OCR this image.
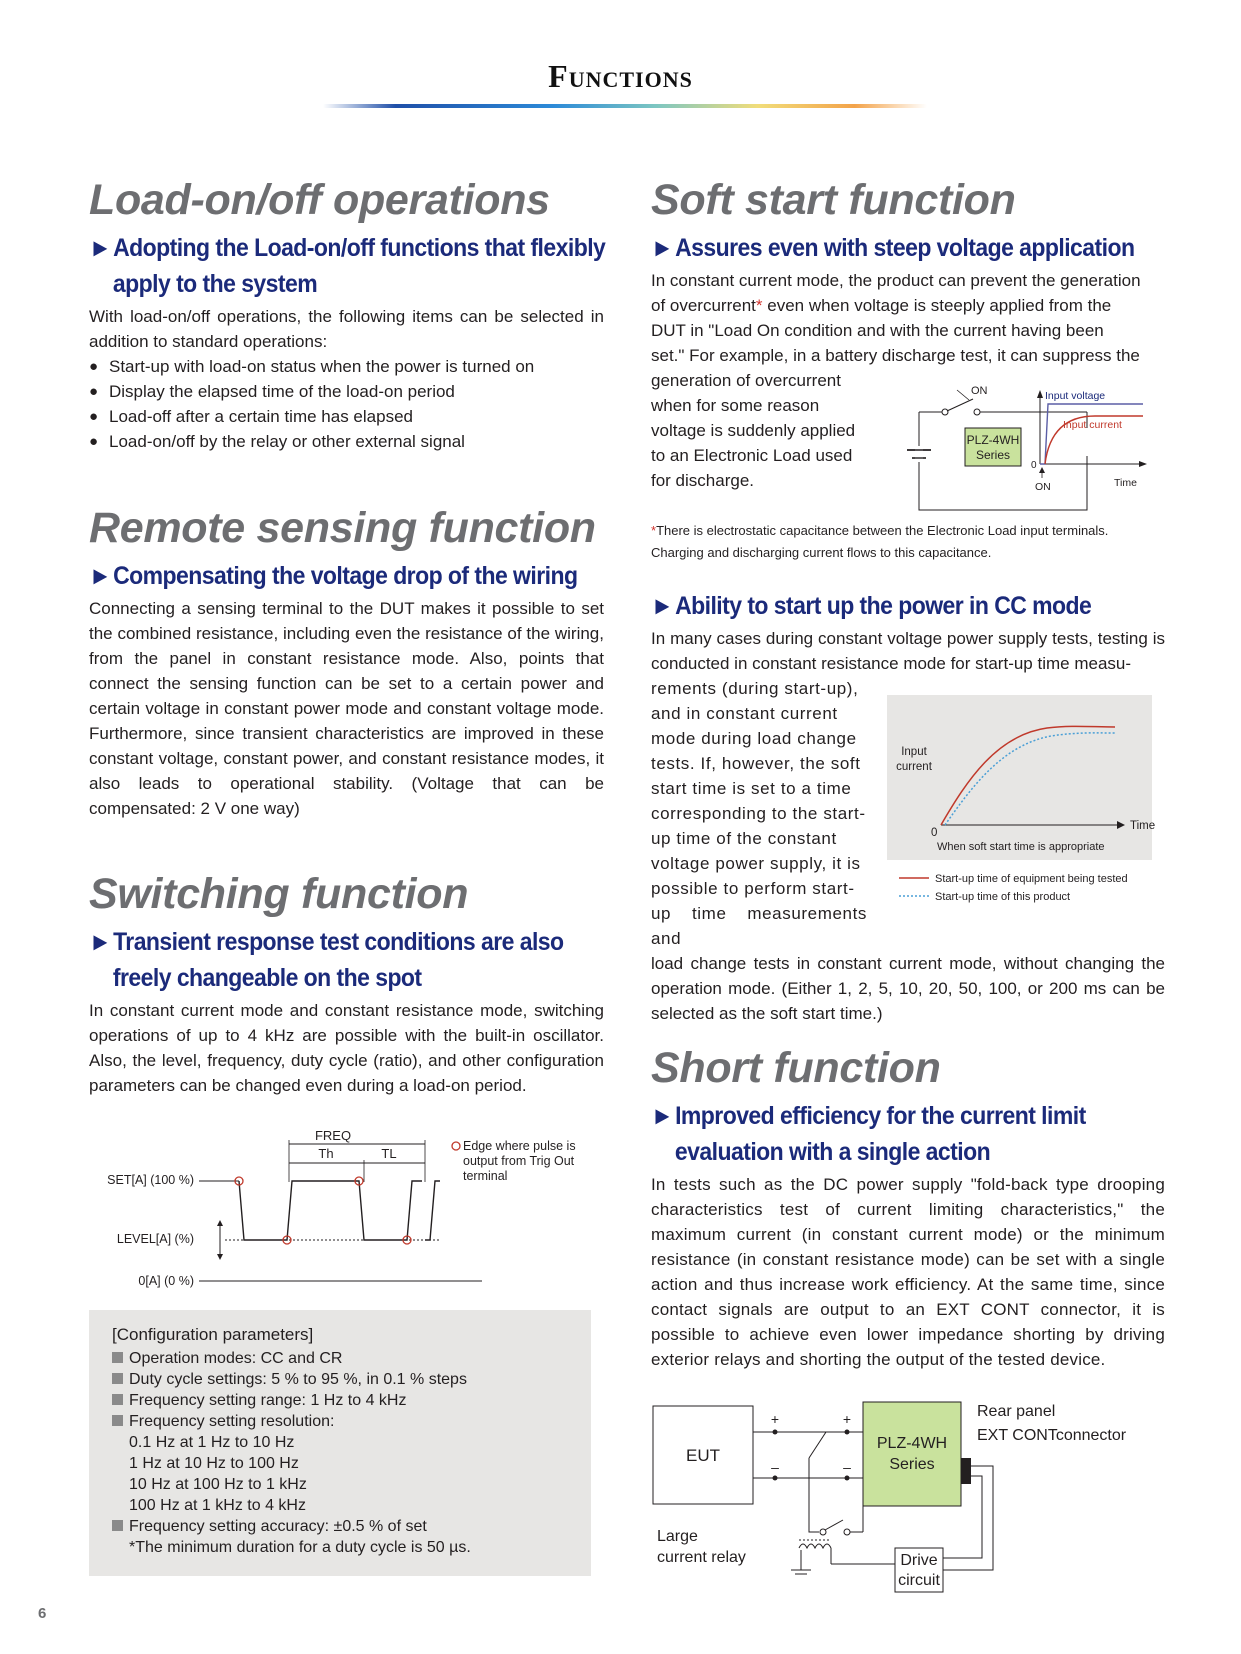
Functions
Load-on/off operations
►Adopting the Load-on/off functions that flexibly
apply to the system
With load-on/off operations, the following items can be selected in addition to standard operations:
● Start-up with load-on status when the power is turned on
● Display the elapsed time of the load-on period
● Load-off after a certain time has elapsed
● Load-on/off by the relay or other external signal
Remote sensing function
►Compensating the voltage drop of the wiring
Connecting a sensing terminal to the DUT makes it possible to set the combined resistance, including even the resistance of the wiring, from the panel in constant resistance mode. Also, points that connect the sensing function can be set to a certain power and certain voltage in constant power mode and constant voltage mode. Furthermore, since transient characteristics are improved in these constant voltage, constant power, and constant resistance modes, it also leads to operational stability. (Voltage that can be compensated: 2 V one way)
Switching function
►Transient response test conditions are also
freely changeable on the spot
In constant current mode and constant resistance mode, switching operations of up to 4 kHz are possible with the built-in oscillator. Also, the level, frequency, duty cycle (ratio), and other configuration parameters can be changed even during a load-on period.
FREQ
Th	TL	Edge where pulse is
output from Trig Out
terminal
SET[A] (100 %)
LEVEL[A] (%)
0[A] (0 %)
[Configuration parameters]
Operation modes: CC and CR
Duty cycle settings: 5 % to 95 %, in 0.1 % steps
Frequency setting range: 1 Hz to 4 kHz
Frequency setting resolution:
0.1 Hz at 1 Hz to 10 Hz
1 Hz at 10 Hz to 100 Hz
10 Hz at 100 Hz to 1 kHz
100 Hz at 1 kHz to 4 kHz
Frequency setting accuracy: ±0.5 % of set
*The minimum duration for a duty cycle is 50 µs.
Soft start function
►Assures even with steep voltage application
In constant current mode, the product can prevent the generation
of overcurrent* even when voltage is steeply applied from the
DUT in "Load On condition and with the current having been
set." For example, in a battery discharge test, it can suppress the
generation of overcurrent
when for some reason
voltage is suddenly applied
to an Electronic Load used
for discharge.
ON
PLZ-4WH
Series
Input voltage
Input current
0
ON	Time
*There is electrostatic capacitance between the Electronic Load input terminals.
Charging and discharging current flows to this capacitance.
►Ability to start up the power in CC mode
In many cases during constant voltage power supply tests, testing is conducted in constant resistance mode for start-up time measu-
rements (during start-up),
and in constant current
mode during load change
tests. If, however, the soft
start time is set to a time
corresponding to the start-
up time of the constant
voltage power supply, it is
possible to perform start-
up time measurements and
load change tests in constant current mode, without changing the operation mode. (Either 1, 2, 5, 10, 20, 50, 100, or 200 ms can be selected as the soft start time.)
Input
current
0
Time
When soft start time is appropriate
Start-up time of equipment being tested
Start-up time of this product
Short function
►Improved efficiency for the current limit
evaluation with a single action
In tests such as the DC power supply "fold-back type drooping characteristics test of current limiting characteristics," the maximum current (in constant current mode) or the minimum resistance (in constant resistance mode) can be set with a single action and thus increase work efficiency. At the same time, since contact signals are output to an EXT CONT connector, it is possible to achieve even lower impedance shorting by driving exterior relays and shorting the output of the tested device.
EUT
PLZ-4WH
Series
+	+
–	–
Drive
circuit
Rear panel
EXT CONTconnector
Large
current relay
6
